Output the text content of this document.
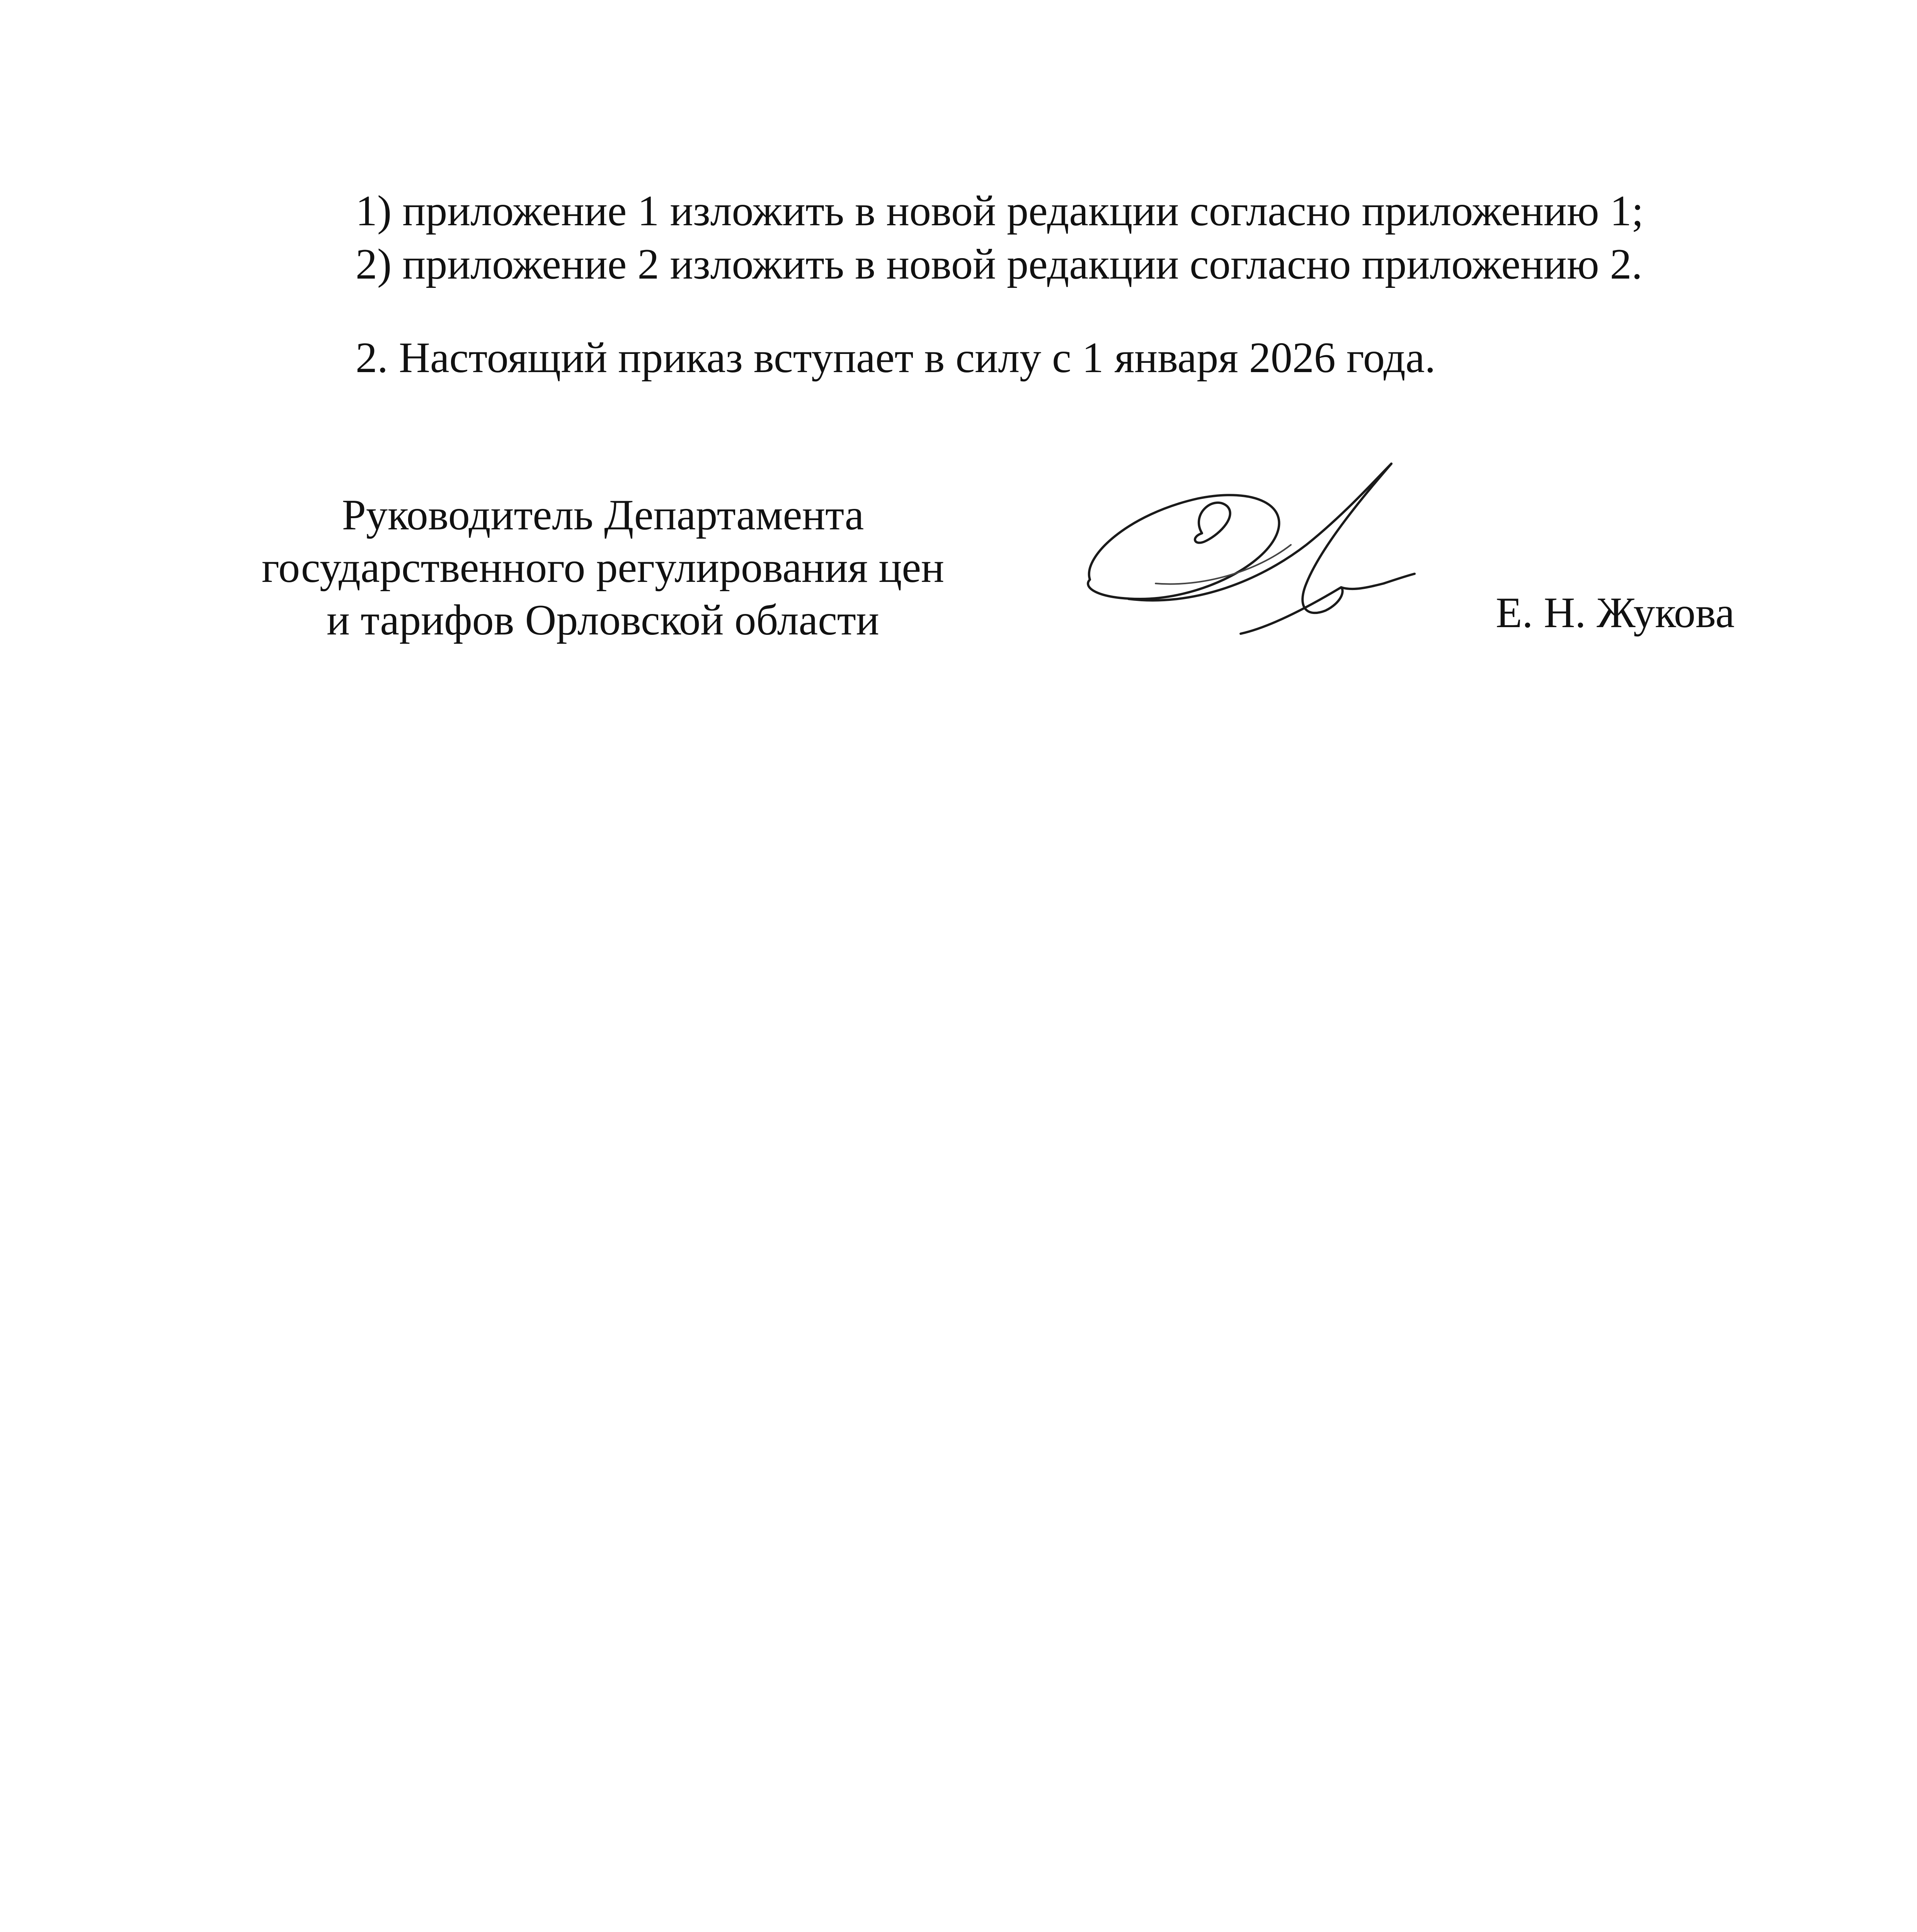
1) приложение 1 изложить в новой редакции согласно приложению 1;

2) приложение 2 изложить в новой редакции согласно приложению 2.

2. Настоящий приказ вступает в силу с 1 января 2026 года.

Руководитель Департамента
государственного регулирования цен
и тарифов Орловской области	Е. Н. Жукова
